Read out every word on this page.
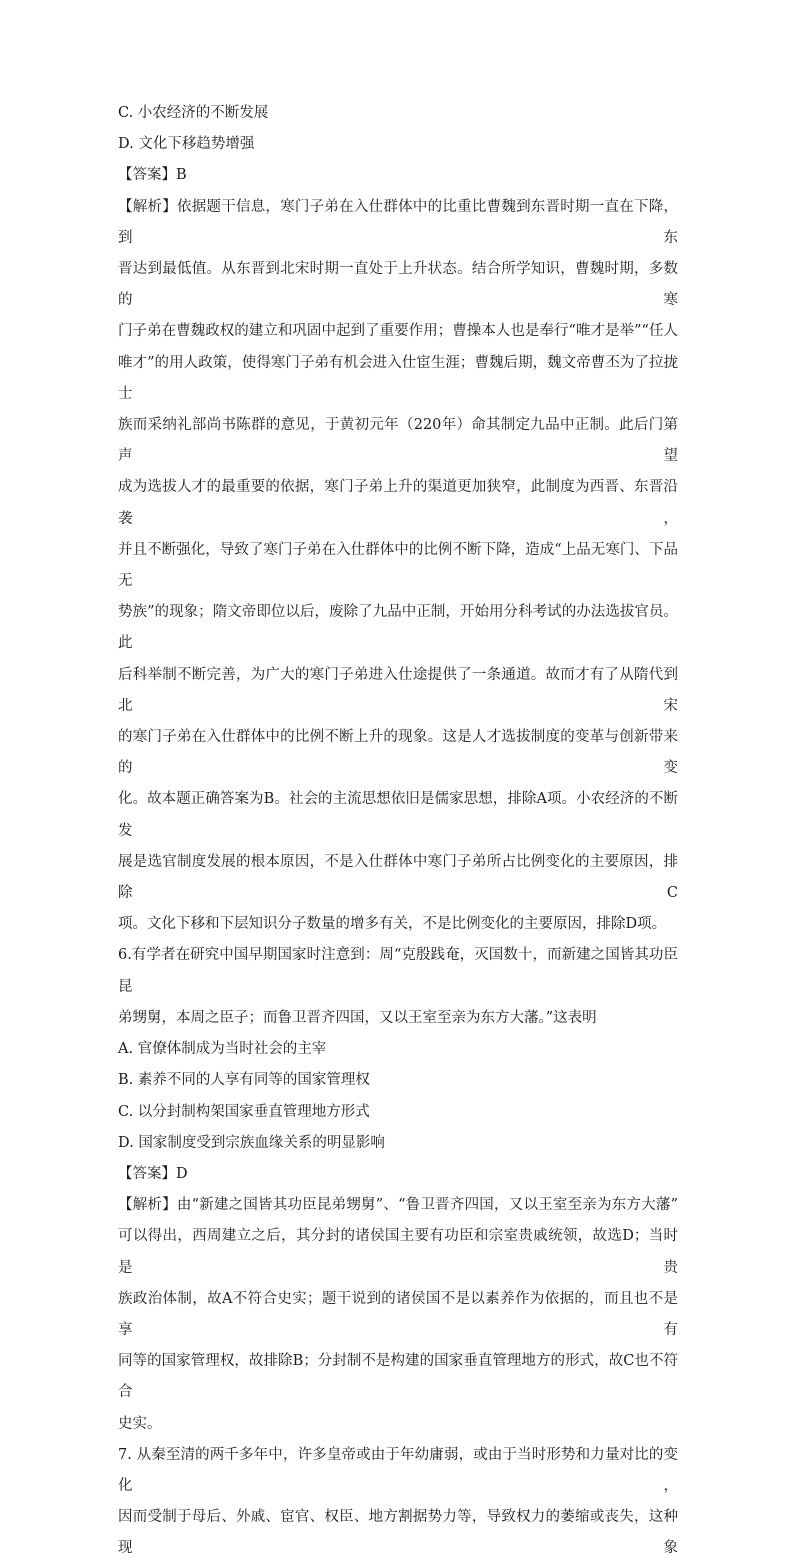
C. 小农经济的不断发展

D. 文化下移趋势增强

【答案】B

【解析】依据题干信息，寒门子弟在入仕群体中的比重比曹魏到东晋时期一直在下降，到东

晋达到最低值。从东晋到北宋时期一直处于上升状态。结合所学知识，曹魏时期，多数的寒

门子弟在曹魏政权的建立和巩固中起到了重要作用；曹操本人也是奉行“唯才是举”“任人

唯才”的用人政策，使得寒门子弟有机会进入仕宦生涯；曹魏后期，魏文帝曹丕为了拉拢士

族而采纳礼部尚书陈群的意见，于黄初元年（220年）命其制定九品中正制。此后门第声望

成为选拔人才的最重要的依据，寒门子弟上升的渠道更加狭窄，此制度为西晋、东晋沿袭，

并且不断强化，导致了寒门子弟在入仕群体中的比例不断下降，造成“上品无寒门、下品无

势族”的现象；隋文帝即位以后，废除了九品中正制，开始用分科考试的办法选拔官员。此

后科举制不断完善，为广大的寒门子弟进入仕途提供了一条通道。故而才有了从隋代到北宋

的寒门子弟在入仕群体中的比例不断上升的现象。这是人才选拔制度的变革与创新带来的变

化。故本题正确答案为B。社会的主流思想依旧是儒家思想，排除A项。小农经济的不断发

展是选官制度发展的根本原因，不是入仕群体中寒门子弟所占比例变化的主要原因，排除C

项。文化下移和下层知识分子数量的增多有关，不是比例变化的主要原因，排除D项。

6.有学者在研究中国早期国家时注意到：周“克殷践奄，灭国数十，而新建之国皆其功臣昆

弟甥舅，本周之臣子；而鲁卫晋齐四国，又以王室至亲为东方大藩。”这表明

A. 官僚体制成为当时社会的主宰

B. 素养不同的人享有同等的国家管理权

C. 以分封制构架国家垂直管理地方形式

D. 国家制度受到宗族血缘关系的明显影响

【答案】D

【解析】由“新建之国皆其功臣昆弟甥舅”、“鲁卫晋齐四国，又以王室至亲为东方大藩”

可以得出，西周建立之后，其分封的诸侯国主要有功臣和宗室贵戚统领，故选D；当时是贵

族政治体制，故A不符合史实；题干说到的诸侯国不是以素养作为依据的，而且也不是享有

同等的国家管理权，故排除B；分封制不是构建的国家垂直管理地方的形式，故C也不符合

史实。

7. 从秦至清的两千多年中，许多皇帝或由于年幼庸弱，或由于当时形势和力量对比的变化，

因而受制于母后、外戚、宦官、权臣、地方割据势力等，导致权力的萎缩或丧失，这种现象
